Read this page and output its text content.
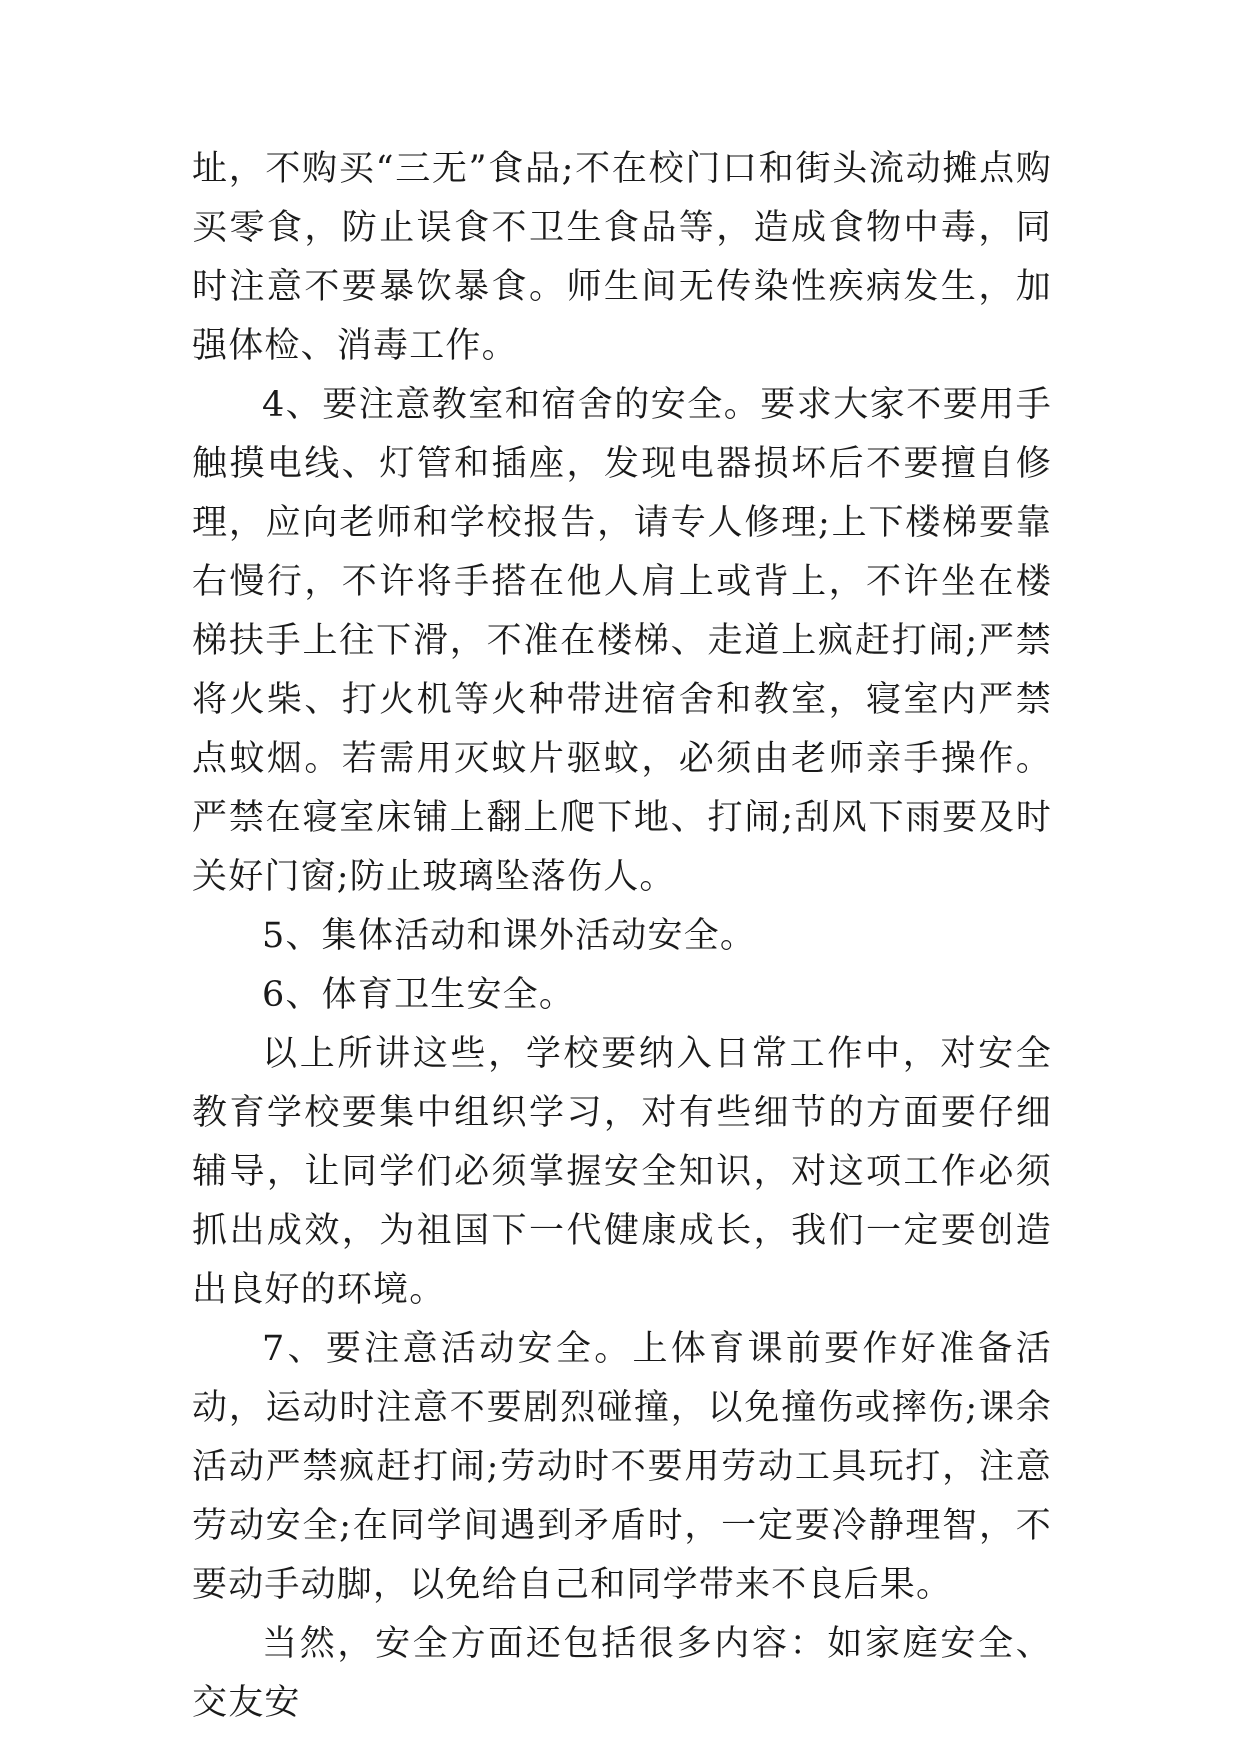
址，不购买“三无”食品;不在校门口和街头流动摊点购买零食，防止误食不卫生食品等，造成食物中毒，同时注意不要暴饮暴食。师生间无传染性疾病发生，加强体检、消毒工作。

4、要注意教室和宿舍的安全。要求大家不要用手触摸电线、灯管和插座，发现电器损坏后不要擅自修理，应向老师和学校报告，请专人修理;上下楼梯要靠右慢行，不许将手搭在他人肩上或背上，不许坐在楼梯扶手上往下滑，不准在楼梯、走道上疯赶打闹;严禁将火柴、打火机等火种带进宿舍和教室，寝室内严禁点蚊烟。若需用灭蚊片驱蚊，必须由老师亲手操作。严禁在寝室床铺上翻上爬下地、打闹;刮风下雨要及时关好门窗;防止玻璃坠落伤人。

5、集体活动和课外活动安全。

6、体育卫生安全。

以上所讲这些，学校要纳入日常工作中，对安全教育学校要集中组织学习，对有些细节的方面要仔细辅导，让同学们必须掌握安全知识，对这项工作必须抓出成效，为祖国下一代健康成长，我们一定要创造出良好的环境。

7、要注意活动安全。上体育课前要作好准备活动，运动时注意不要剧烈碰撞，以免撞伤或摔伤;课余活动严禁疯赶打闹;劳动时不要用劳动工具玩打，注意劳动安全;在同学间遇到矛盾时，一定要冷静理智，不要动手动脚，以免给自己和同学带来不良后果。

当然，安全方面还包括很多内容：如家庭安全、交友安
